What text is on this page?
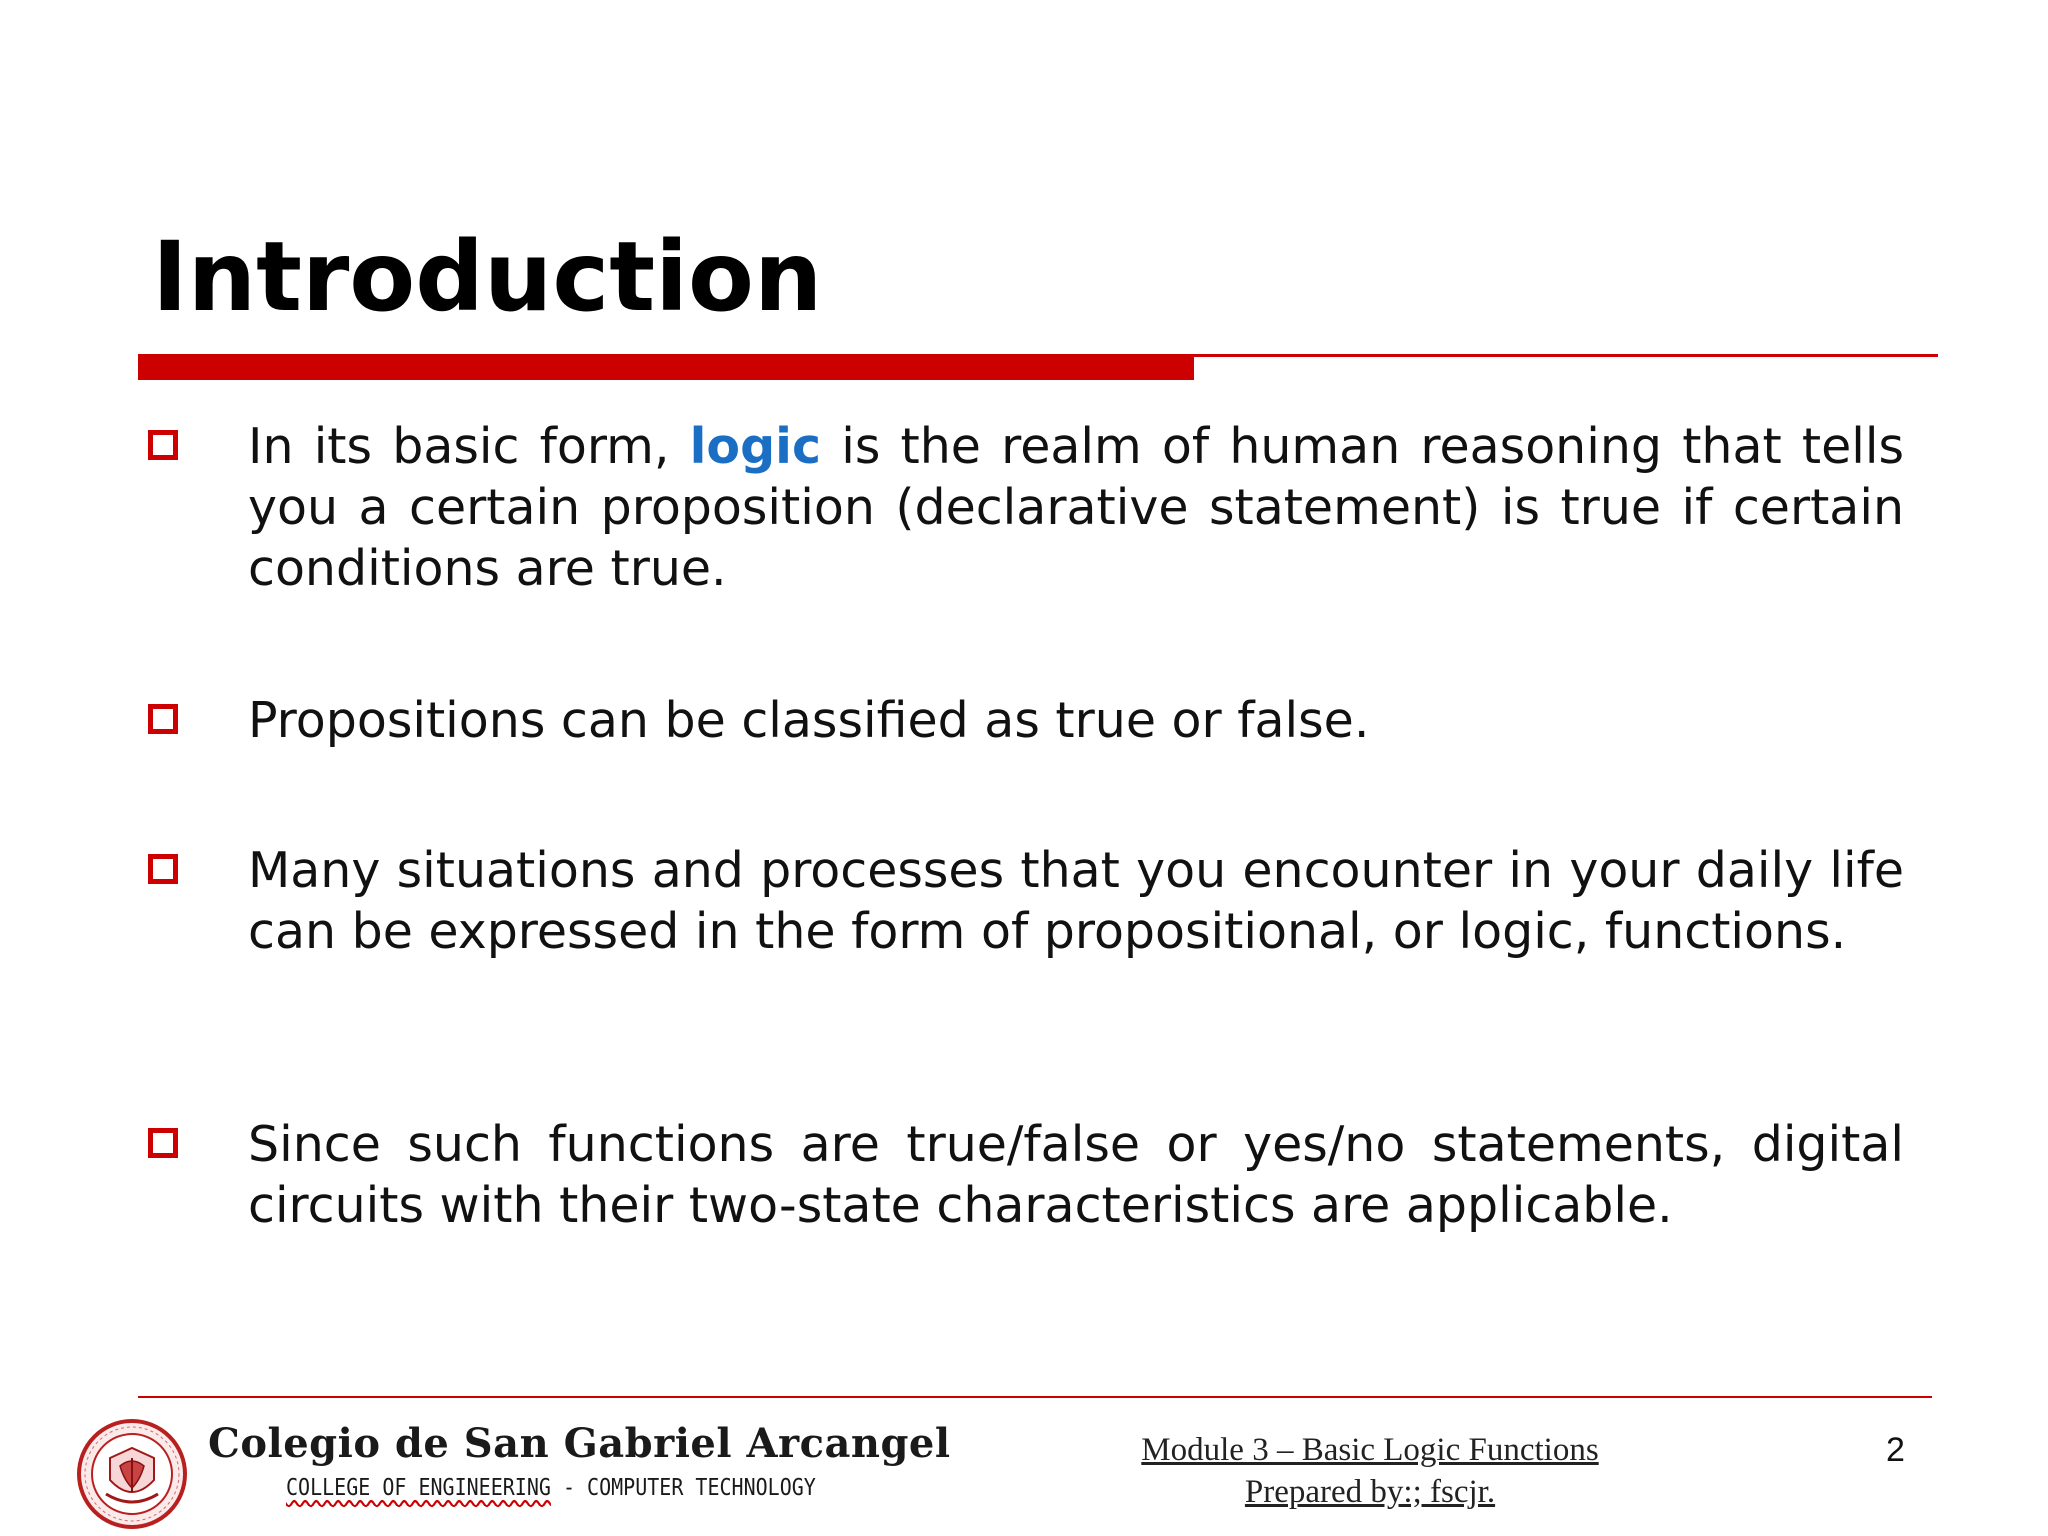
Introduction

In its basic form, logic is the realm of human reasoning that tells you a certain proposition (declarative statement) is true if certain conditions are true.

Propositions can be classified as true or false.

Many situations and processes that you encounter in your daily life can be expressed in the form of propositional, or logic, functions.

Since such functions are true/false or yes/no statements, digital circuits with their two-state characteristics are applicable.

Colegio de San Gabriel Arcangel
COLLEGE OF ENGINEERING - COMPUTER TECHNOLOGY
Module 3 – Basic Logic Functions
Prepared by:; fscjr.
2
